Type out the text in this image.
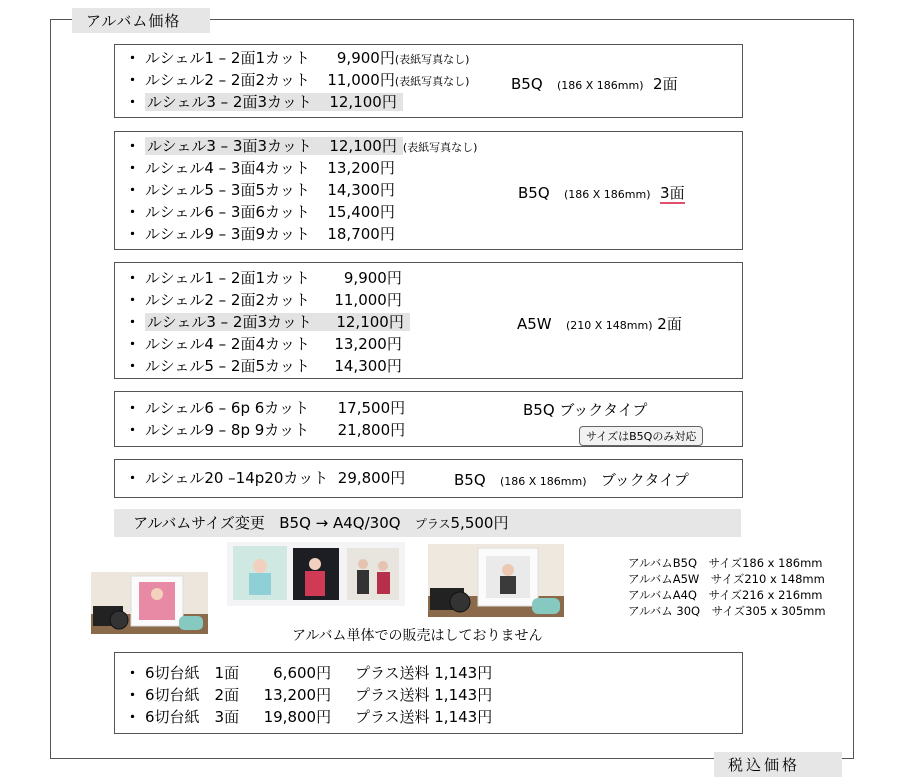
アルバム価格
・ ルシェル1 – 2面1カット 9,900円(表紙写真なし)
・ ルシェル2 – 2面2カット 11,000円(表紙写真なし)
・ ルシェル3 – 2面3カット 12,100円
B5Q (186 X 186mm) 2面
・ ルシェル3 – 3面3カット 12,100円 (表紙写真なし)
・ ルシェル4 – 3面4カット 13,200円
・ ルシェル5 – 3面5カット 14,300円
・ ルシェル6 – 3面6カット 15,400円
・ ルシェル9 – 3面9カット 18,700円
B5Q (186 X 186mm) 3面
・ ルシェル1 – 2面1カット 9,900円
・ ルシェル2 – 2面2カット 11,000円
・ ルシェル3 – 2面3カット 12,100円
・ ルシェル4 – 2面4カット 13,200円
・ ルシェル5 – 2面5カット 14,300円
A5W (210 X 148mm) 2面
・ ルシェル6 – 6p 6カット 17,500円
・ ルシェル9 – 8p 9カット 21,800円
B5Q ブックタイプ
サイズはB5Qのみ対応
・ ルシェル20 –14p20カット 29,800円	B5Q (186 X 186mm) ブックタイプ
アルバムサイズ変更 B5Q → A4Q/30Q プラス5,500円
アルバム単体での販売はしておりません
アルバムB5Q　サイズ186 x 186mm
アルバムA5W　サイズ210 x 148mm
アルバムA4Q　サイズ216 x 216mm
アルバム 30Q　サイズ305 x 305mm
・ 6切台紙　1面 6,600円 プラス送料 1,143円
・ 6切台紙　2面 13,200円 プラス送料 1,143円
・ 6切台紙　3面 19,800円 プラス送料 1,143円
税込価格
